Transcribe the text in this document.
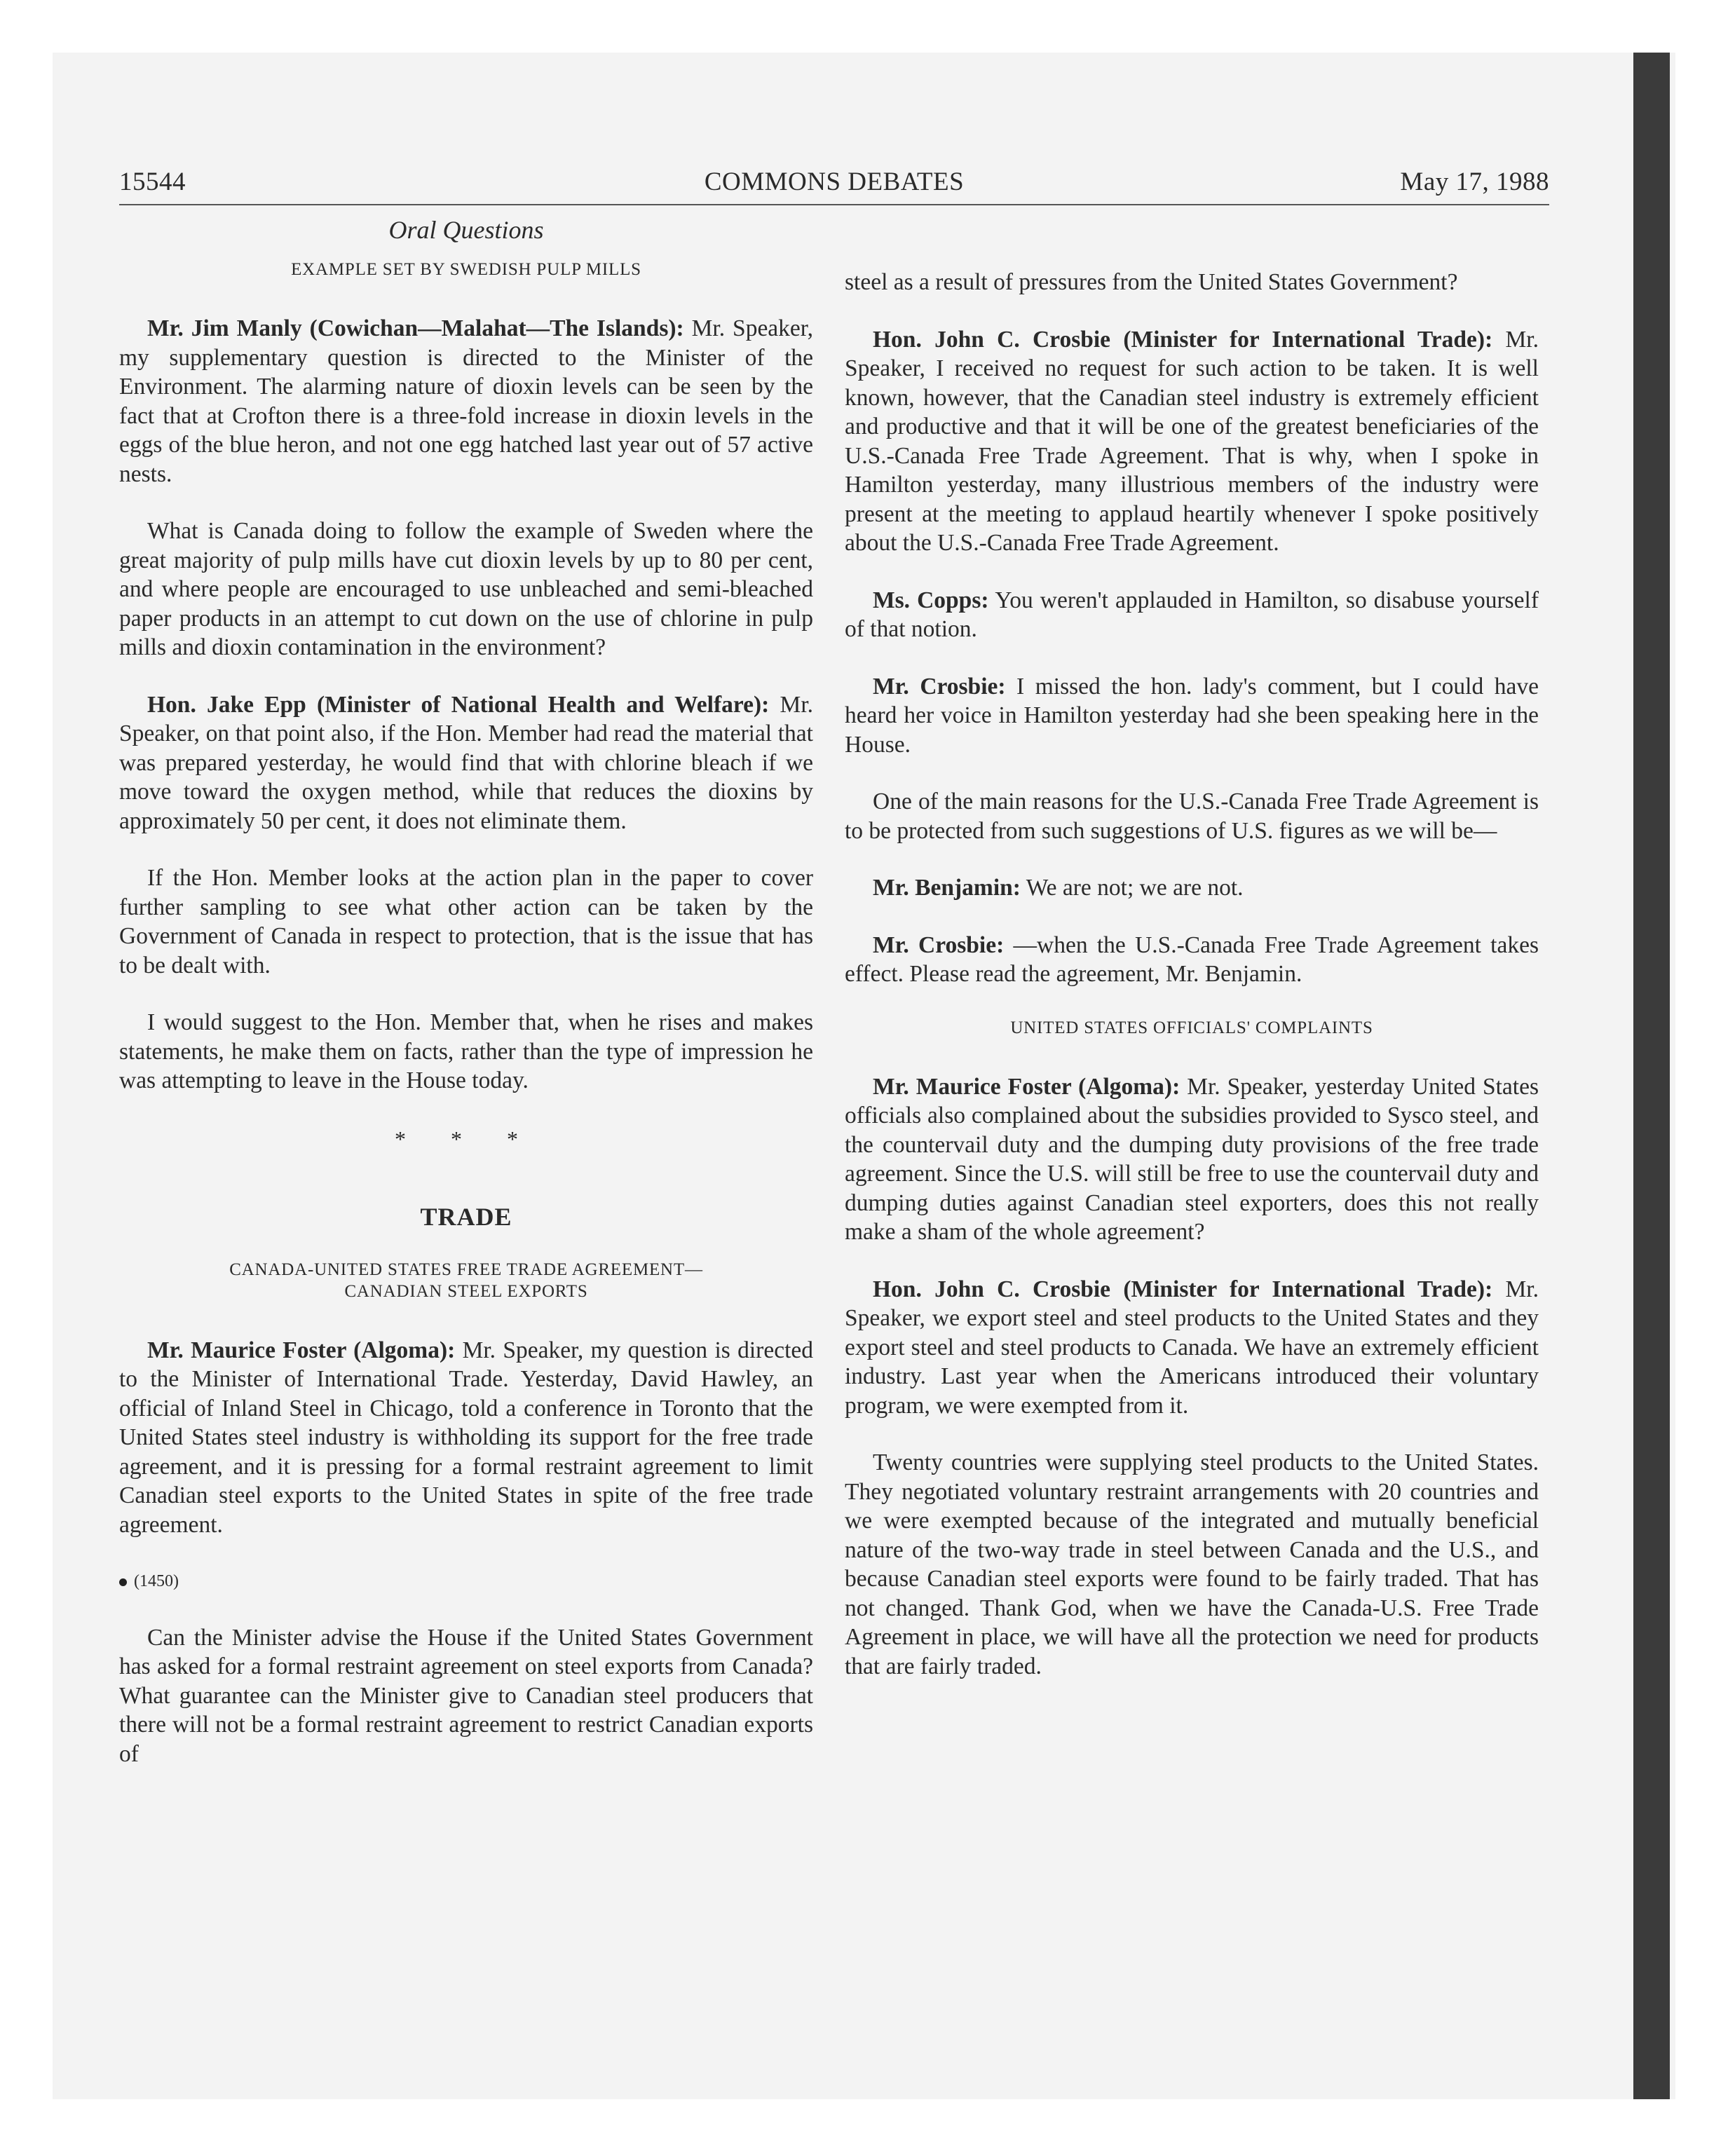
15544	COMMONS DEBATES	May 17, 1988
Oral Questions
EXAMPLE SET BY SWEDISH PULP MILLS

Mr. Jim Manly (Cowichan—Malahat—The Islands): Mr. Speaker, my supplementary question is directed to the Minister of the Environment. The alarming nature of dioxin levels can be seen by the fact that at Crofton there is a three-fold increase in dioxin levels in the eggs of the blue heron, and not one egg hatched last year out of 57 active nests.

What is Canada doing to follow the example of Sweden where the great majority of pulp mills have cut dioxin levels by up to 80 per cent, and where people are encouraged to use unbleached and semi-bleached paper products in an attempt to cut down on the use of chlorine in pulp mills and dioxin contamination in the environment?

Hon. Jake Epp (Minister of National Health and Welfare): Mr. Speaker, on that point also, if the Hon. Member had read the material that was prepared yesterday, he would find that with chlorine bleach if we move toward the oxygen method, while that reduces the dioxins by approximately 50 per cent, it does not eliminate them.

If the Hon. Member looks at the action plan in the paper to cover further sampling to see what other action can be taken by the Government of Canada in respect to protection, that is the issue that has to be dealt with.

I would suggest to the Hon. Member that, when he rises and makes statements, he make them on facts, rather than the type of impression he was attempting to leave in the House today.

* * *
TRADE
CANADA-UNITED STATES FREE TRADE AGREEMENT—
CANADIAN STEEL EXPORTS

Mr. Maurice Foster (Algoma): Mr. Speaker, my question is directed to the Minister of International Trade. Yesterday, David Hawley, an official of Inland Steel in Chicago, told a conference in Toronto that the United States steel industry is withholding its support for the free trade agreement, and it is pressing for a formal restraint agreement to limit Canadian steel exports to the United States in spite of the free trade agreement.

(1450)

Can the Minister advise the House if the United States Government has asked for a formal restraint agreement on steel exports from Canada? What guarantee can the Minister give to Canadian steel producers that there will not be a formal restraint agreement to restrict Canadian exports of

steel as a result of pressures from the United States Government?

Hon. John C. Crosbie (Minister for International Trade): Mr. Speaker, I received no request for such action to be taken. It is well known, however, that the Canadian steel industry is extremely efficient and productive and that it will be one of the greatest beneficiaries of the U.S.-Canada Free Trade Agreement. That is why, when I spoke in Hamilton yesterday, many illustrious members of the industry were present at the meeting to applaud heartily whenever I spoke positively about the U.S.-Canada Free Trade Agreement.

Ms. Copps: You weren't applauded in Hamilton, so disabuse yourself of that notion.

Mr. Crosbie: I missed the hon. lady's comment, but I could have heard her voice in Hamilton yesterday had she been speaking here in the House.

One of the main reasons for the U.S.-Canada Free Trade Agreement is to be protected from such suggestions of U.S. figures as we will be—

Mr. Benjamin: We are not; we are not.

Mr. Crosbie: —when the U.S.-Canada Free Trade Agreement takes effect. Please read the agreement, Mr. Benjamin.

UNITED STATES OFFICIALS' COMPLAINTS

Mr. Maurice Foster (Algoma): Mr. Speaker, yesterday United States officials also complained about the subsidies provided to Sysco steel, and the countervail duty and the dumping duty provisions of the free trade agreement. Since the U.S. will still be free to use the countervail duty and dumping duties against Canadian steel exporters, does this not really make a sham of the whole agreement?

Hon. John C. Crosbie (Minister for International Trade): Mr. Speaker, we export steel and steel products to the United States and they export steel and steel products to Canada. We have an extremely efficient industry. Last year when the Americans introduced their voluntary program, we were exempted from it.

Twenty countries were supplying steel products to the United States. They negotiated voluntary restraint arrangements with 20 countries and we were exempted because of the integrated and mutually beneficial nature of the two-way trade in steel between Canada and the U.S., and because Canadian steel exports were found to be fairly traded. That has not changed. Thank God, when we have the Canada-U.S. Free Trade Agreement in place, we will have all the protection we need for products that are fairly traded.
